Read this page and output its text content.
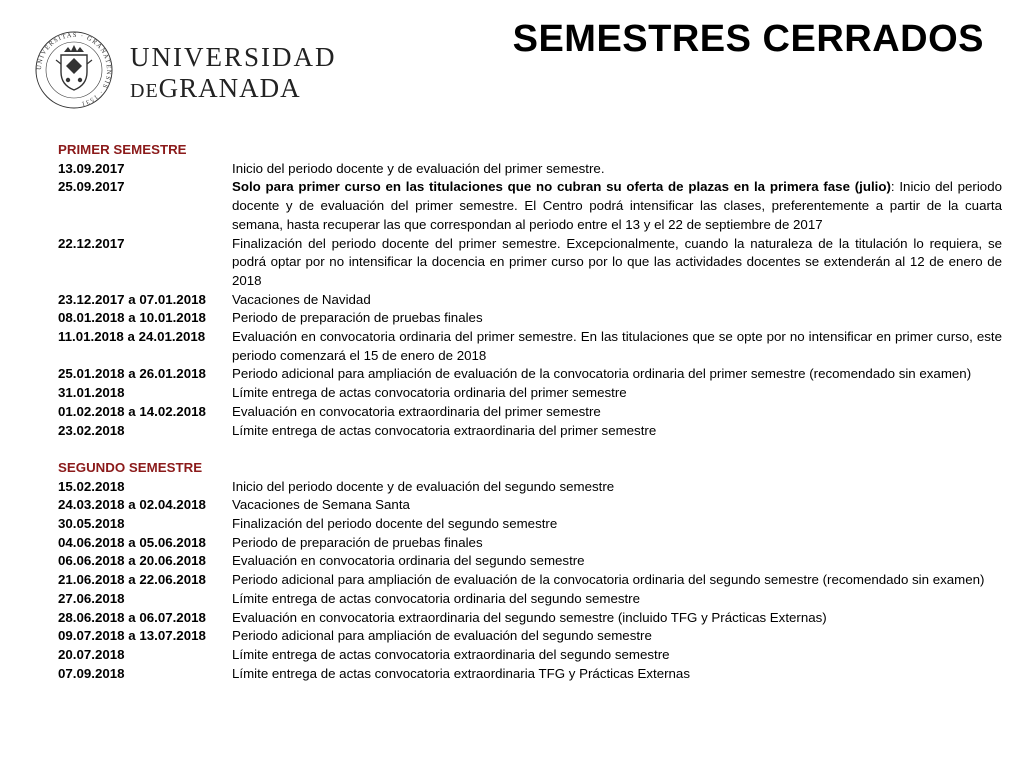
UNIVERSITAS · GRANATENSIS · 1531
UNIVERSIDAD
DEGRANADA
SEMESTRES CERRADOS
PRIMER SEMESTRE
13.09.2017	Inicio del periodo docente y de evaluación del primer semestre.
25.09.2017	Solo para primer curso en las titulaciones que no cubran su oferta de plazas en la primera fase (julio): Inicio del periodo docente y de evaluación del primer semestre. El Centro podrá intensificar las clases, preferentemente a partir de la cuarta semana, hasta recuperar las que correspondan al periodo entre el 13 y el 22 de septiembre de 2017
22.12.2017	Finalización del periodo docente del primer semestre. Excepcionalmente, cuando la naturaleza de la titulación lo requiera, se podrá optar por no intensificar la docencia en primer curso por lo que las actividades docentes se extenderán al 12 de enero de 2018
23.12.2017 a 07.01.2018	Vacaciones de Navidad
08.01.2018 a 10.01.2018	Periodo de preparación de pruebas finales
11.01.2018 a 24.01.2018	Evaluación en convocatoria ordinaria del primer semestre. En las titulaciones que se opte por no intensificar en primer curso, este periodo comenzará el 15 de enero de 2018
25.01.2018 a 26.01.2018	Periodo adicional para ampliación de evaluación de la convocatoria ordinaria del primer semestre (recomendado sin examen)
31.01.2018	Límite entrega de actas convocatoria ordinaria del primer semestre
01.02.2018 a 14.02.2018	Evaluación en convocatoria extraordinaria del primer semestre
23.02.2018	Límite entrega de actas convocatoria extraordinaria del primer semestre
SEGUNDO SEMESTRE
15.02.2018	Inicio del periodo docente y de evaluación del segundo semestre
24.03.2018 a 02.04.2018	Vacaciones de Semana Santa
30.05.2018	Finalización del periodo docente del segundo semestre
04.06.2018 a 05.06.2018	Periodo de preparación de pruebas finales
06.06.2018 a 20.06.2018	Evaluación en convocatoria ordinaria del segundo semestre
21.06.2018 a 22.06.2018	Periodo adicional para ampliación de evaluación de la convocatoria ordinaria del segundo semestre (recomendado sin examen)
27.06.2018	Límite entrega de actas convocatoria ordinaria del segundo semestre
28.06.2018 a 06.07.2018	Evaluación en convocatoria extraordinaria del segundo semestre (incluido TFG y Prácticas Externas)
09.07.2018 a 13.07.2018	Periodo adicional para ampliación de evaluación del segundo semestre
20.07.2018	Límite entrega de actas convocatoria extraordinaria del segundo semestre
07.09.2018	Límite entrega de actas convocatoria extraordinaria TFG y Prácticas Externas
